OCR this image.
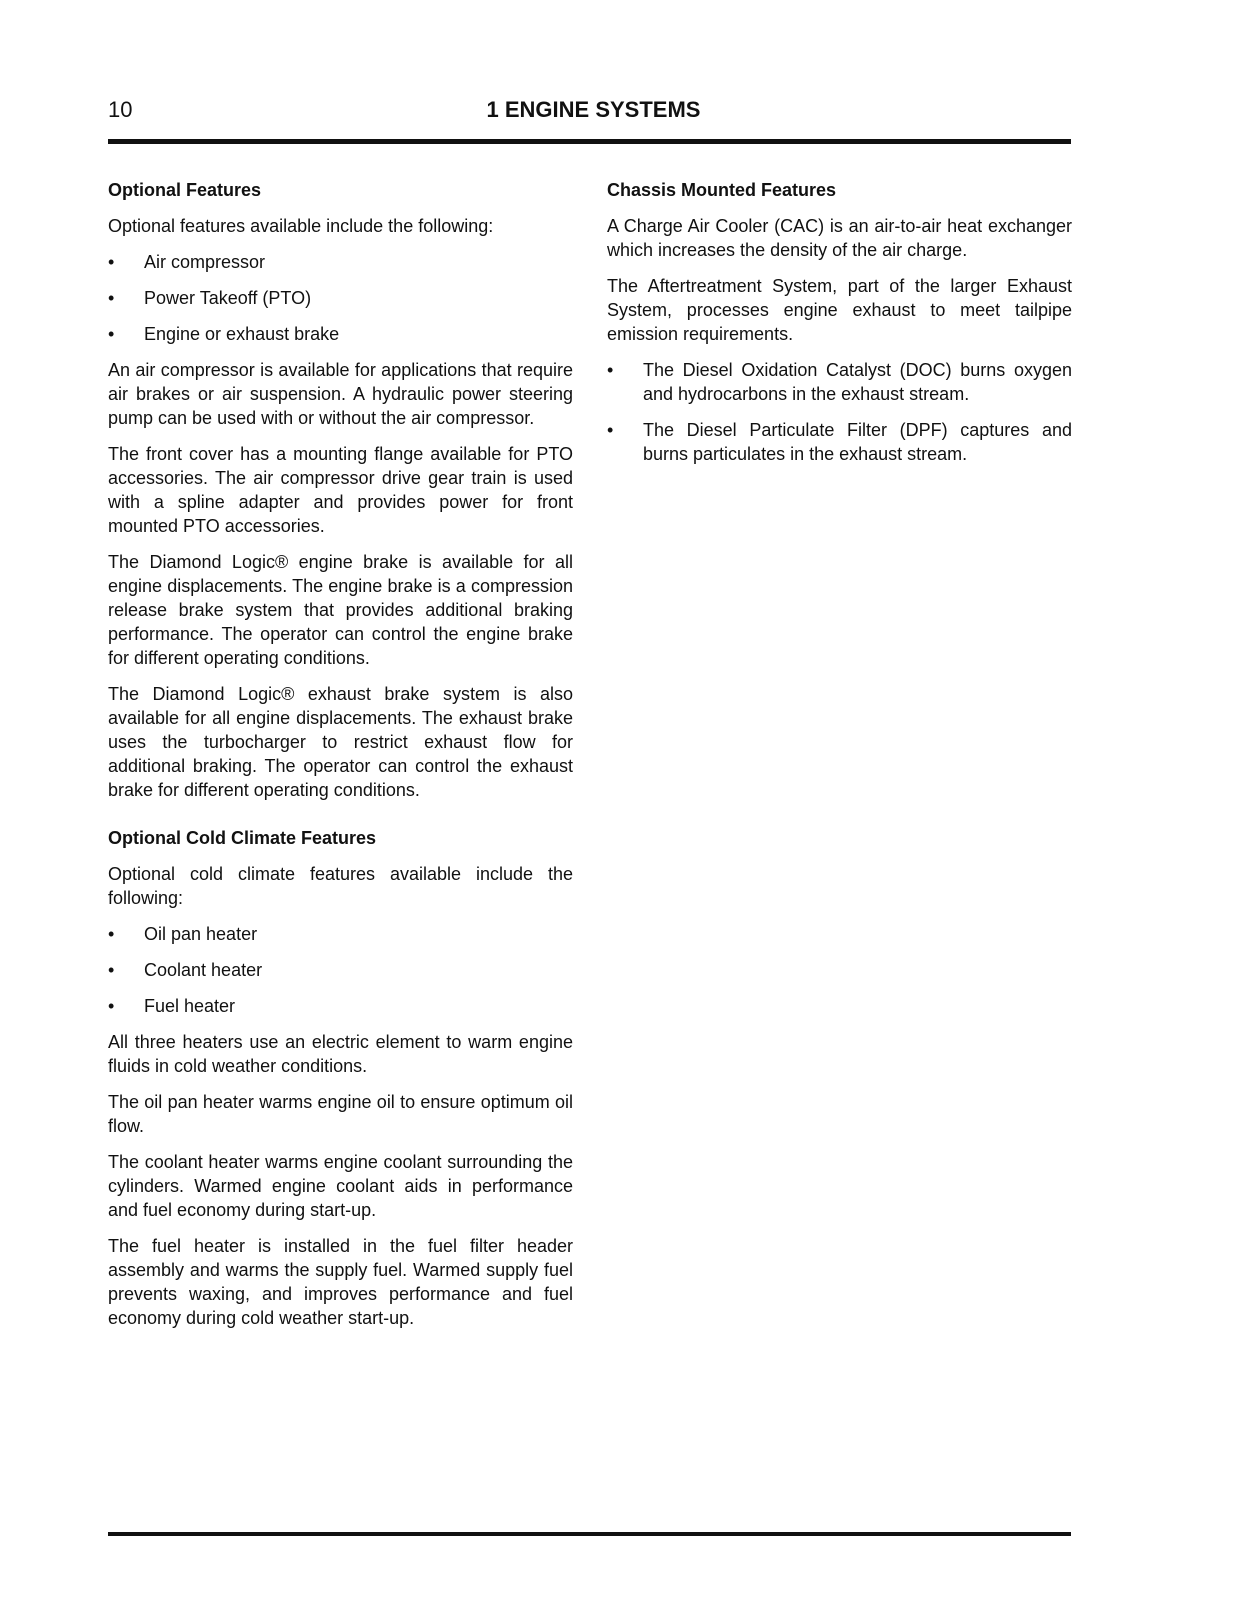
10	1 ENGINE SYSTEMS
Optional Features

Optional features available include the following:

•	Air compressor
•	Power Takeoff (PTO)
•	Engine or exhaust brake

An air compressor is available for applications that require air brakes or air suspension. A hydraulic power steering pump can be used with or without the air compressor.

The front cover has a mounting flange available for PTO accessories. The air compressor drive gear train is used with a spline adapter and provides power for front mounted PTO accessories.

The Diamond Logic® engine brake is available for all engine displacements. The engine brake is a compression release brake system that provides additional braking performance. The operator can control the engine brake for different operating conditions.

The Diamond Logic® exhaust brake system is also available for all engine displacements. The exhaust brake uses the turbocharger to restrict exhaust flow for additional braking. The operator can control the exhaust brake for different operating conditions.

Optional Cold Climate Features

Optional cold climate features available include the following:

•	Oil pan heater
•	Coolant heater
•	Fuel heater

All three heaters use an electric element to warm engine fluids in cold weather conditions.

The oil pan heater warms engine oil to ensure optimum oil flow.

The coolant heater warms engine coolant surrounding the cylinders. Warmed engine coolant aids in performance and fuel economy during start-up.

The fuel heater is installed in the fuel filter header assembly and warms the supply fuel. Warmed supply fuel prevents waxing, and improves performance and fuel economy during cold weather start-up.

Chassis Mounted Features

A Charge Air Cooler (CAC) is an air-to-air heat exchanger which increases the density of the air charge.

The Aftertreatment System, part of the larger Exhaust System, processes engine exhaust to meet tailpipe emission requirements.

•	The Diesel Oxidation Catalyst (DOC) burns oxygen and hydrocarbons in the exhaust stream.
•	The Diesel Particulate Filter (DPF) captures and burns particulates in the exhaust stream.
